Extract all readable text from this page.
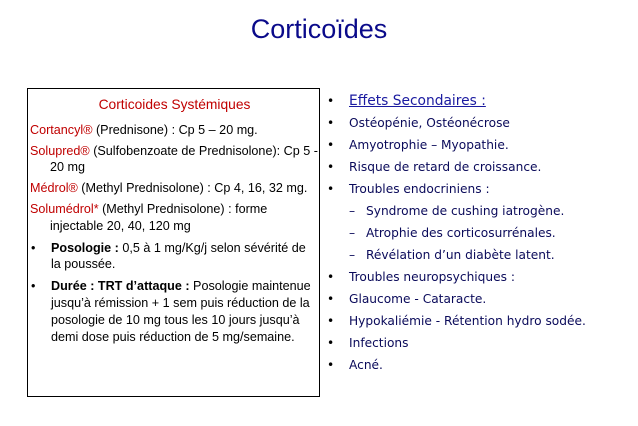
Corticoïdes
Corticoides Systémiques
Cortancyl® (Prednisone) : Cp 5 – 20 mg.
Solupred® (Sulfobenzoate de Prednisolone): Cp 5 - 20 mg
Médrol® (Methyl Prednisolone) : Cp 4, 16, 32 mg.
Solumédrol* (Methyl Prednisolone) : forme injectable 20, 40, 120 mg
•	Posologie : 0,5 à 1 mg/Kg/j selon sévérité de la poussée.
•	Durée : TRT d’attaque : Posologie maintenue jusqu’à rémission + 1 sem puis réduction de la posologie de 10 mg tous les 10 jours jusqu’à demi dose puis réduction de 5 mg/semaine.
•	Effets Secondaires :
•	Ostéopénie, Ostéonécrose
•	Amyotrophie – Myopathie.
•	Risque de retard de croissance.
•	Troubles endocriniens :
– Syndrome de cushing iatrogène.
– Atrophie des corticosurrénales.
– Révélation d’un diabète latent.
•	Troubles neuropsychiques :
•	Glaucome - Cataracte.
•	Hypokaliémie - Rétention hydro sodée.
•	Infections
•	Acné.
